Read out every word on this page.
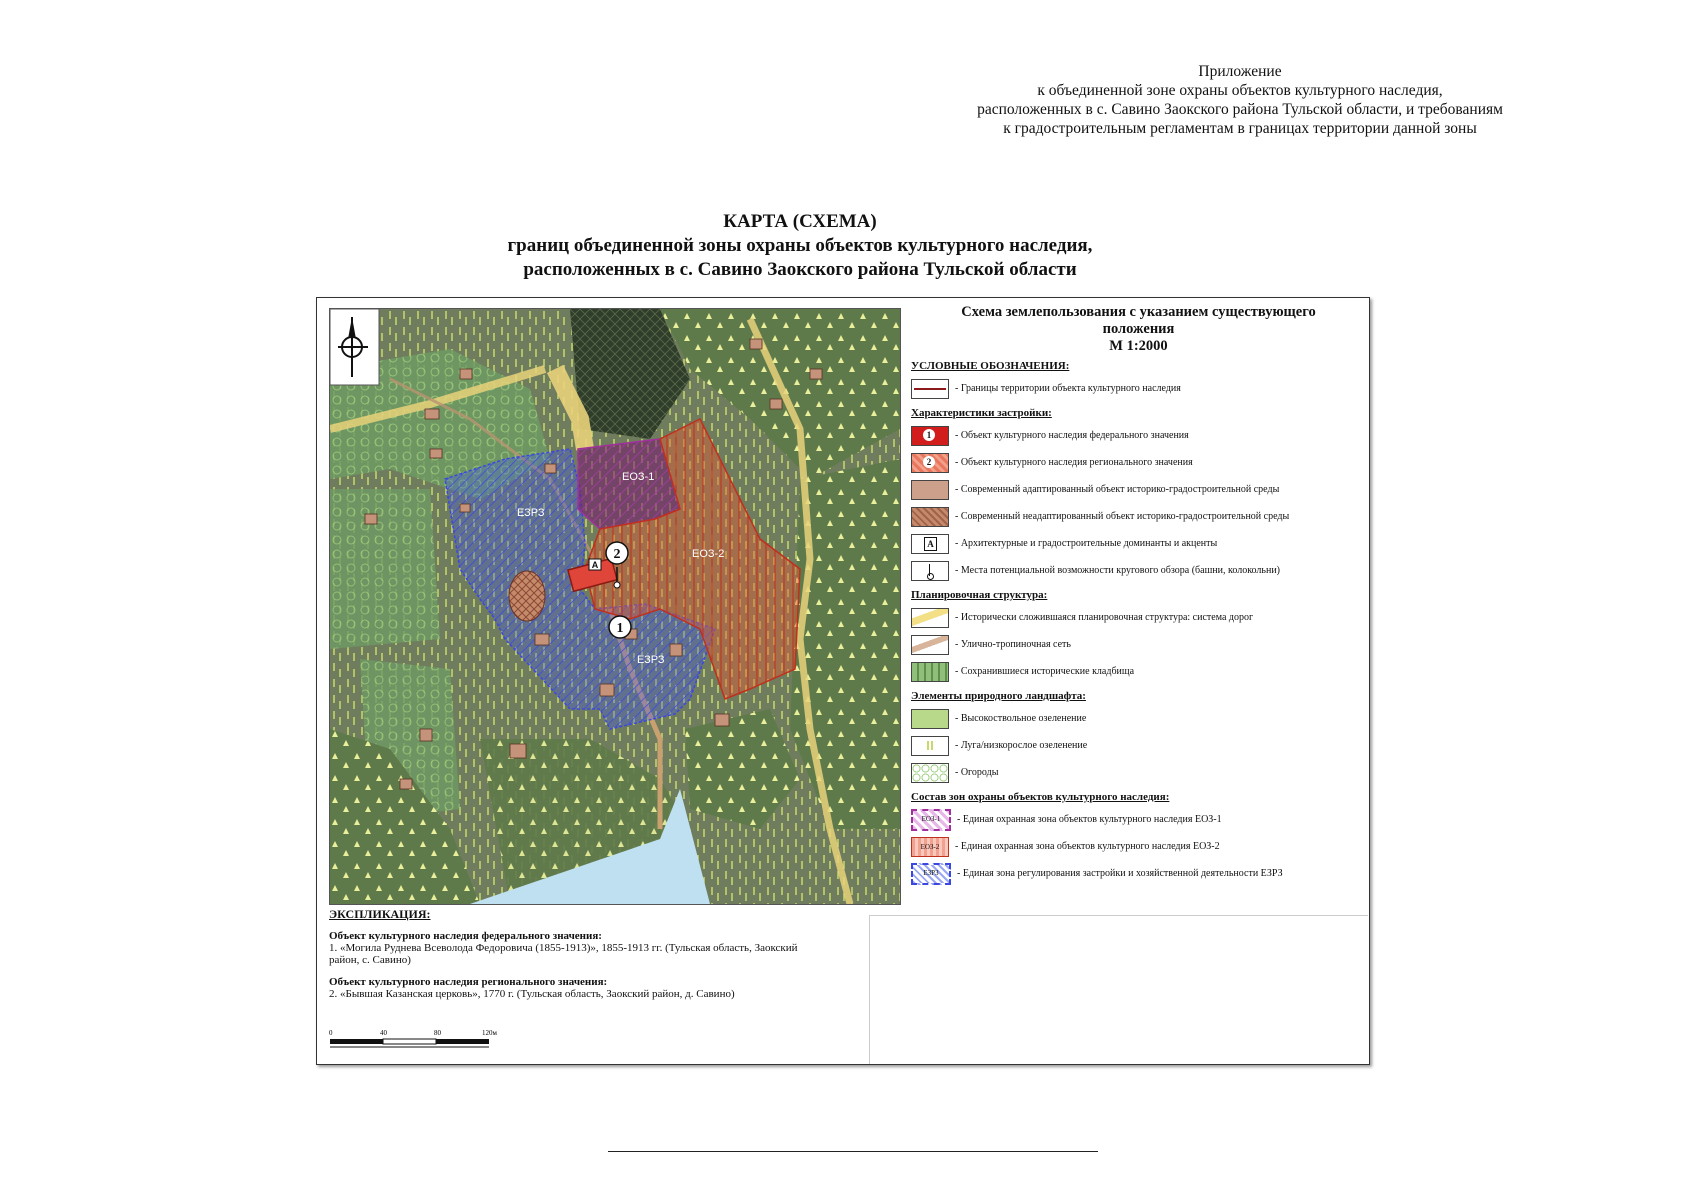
Приложение
к объединенной зоне охраны объектов культурного наследия,
расположенных в с. Савино Заокского района Тульской области, и требованиям
к градостроительным регламентам в границах территории данной зоны
КАРТА (СХЕМА)
границ объединенной зоны охраны объектов культурного наследия,
расположенных в с. Савино Заокского района Тульской области
ЕОЗ-1
ЕОЗ-2
ЕЗРЗ
ЕЗРЗ
2
1
А
Схема землепользования с указанием существующего
положения
М 1:2000
УСЛОВНЫЕ ОБОЗНАЧЕНИЯ:
- Границы территории объекта культурного наследия
Характеристики застройки:
1	- Объект культурного наследия федерального значения
2	- Объект культурного наследия регионального значения
- Современный адаптированный объект историко-градостроительной среды
- Современный неадаптированный объект историко-градостроительной среды
А	- Архитектурные и градостроительные доминанты и акценты
- Места потенциальной возможности кругового обзора (башни, колокольни)
Планировочная структура:
- Исторически сложившаяся планировочная структура: система дорог
- Улично-тропиночная сеть
- Сохранившиеся исторические кладбища
Элементы природного ландшафта:
- Высокоствольное озеленение
- Луга/низкорослое озеленение
- Огороды
Состав зон охраны объектов культурного наследия:
ЕОЗ-1	- Единая охранная зона объектов культурного наследия ЕОЗ-1
ЕОЗ-2	- Единая охранная зона объектов культурного наследия ЕОЗ-2
ЕЗРЗ	- Единая зона регулирования застройки и хозяйственной деятельности ЕЗРЗ
ЭКСПЛИКАЦИЯ:
Объект культурного наследия федерального значения:

1. «Могила Руднева Всеволода Федоровича (1855-1913)», 1855-1913 гг. (Тульская область, Заокский район, с. Савино)

Объект культурного наследия регионального значения:

2. «Бывшая Казанская церковь», 1770 г. (Тульская область, Заокский район, д. Савино)

0	40	80	120м
